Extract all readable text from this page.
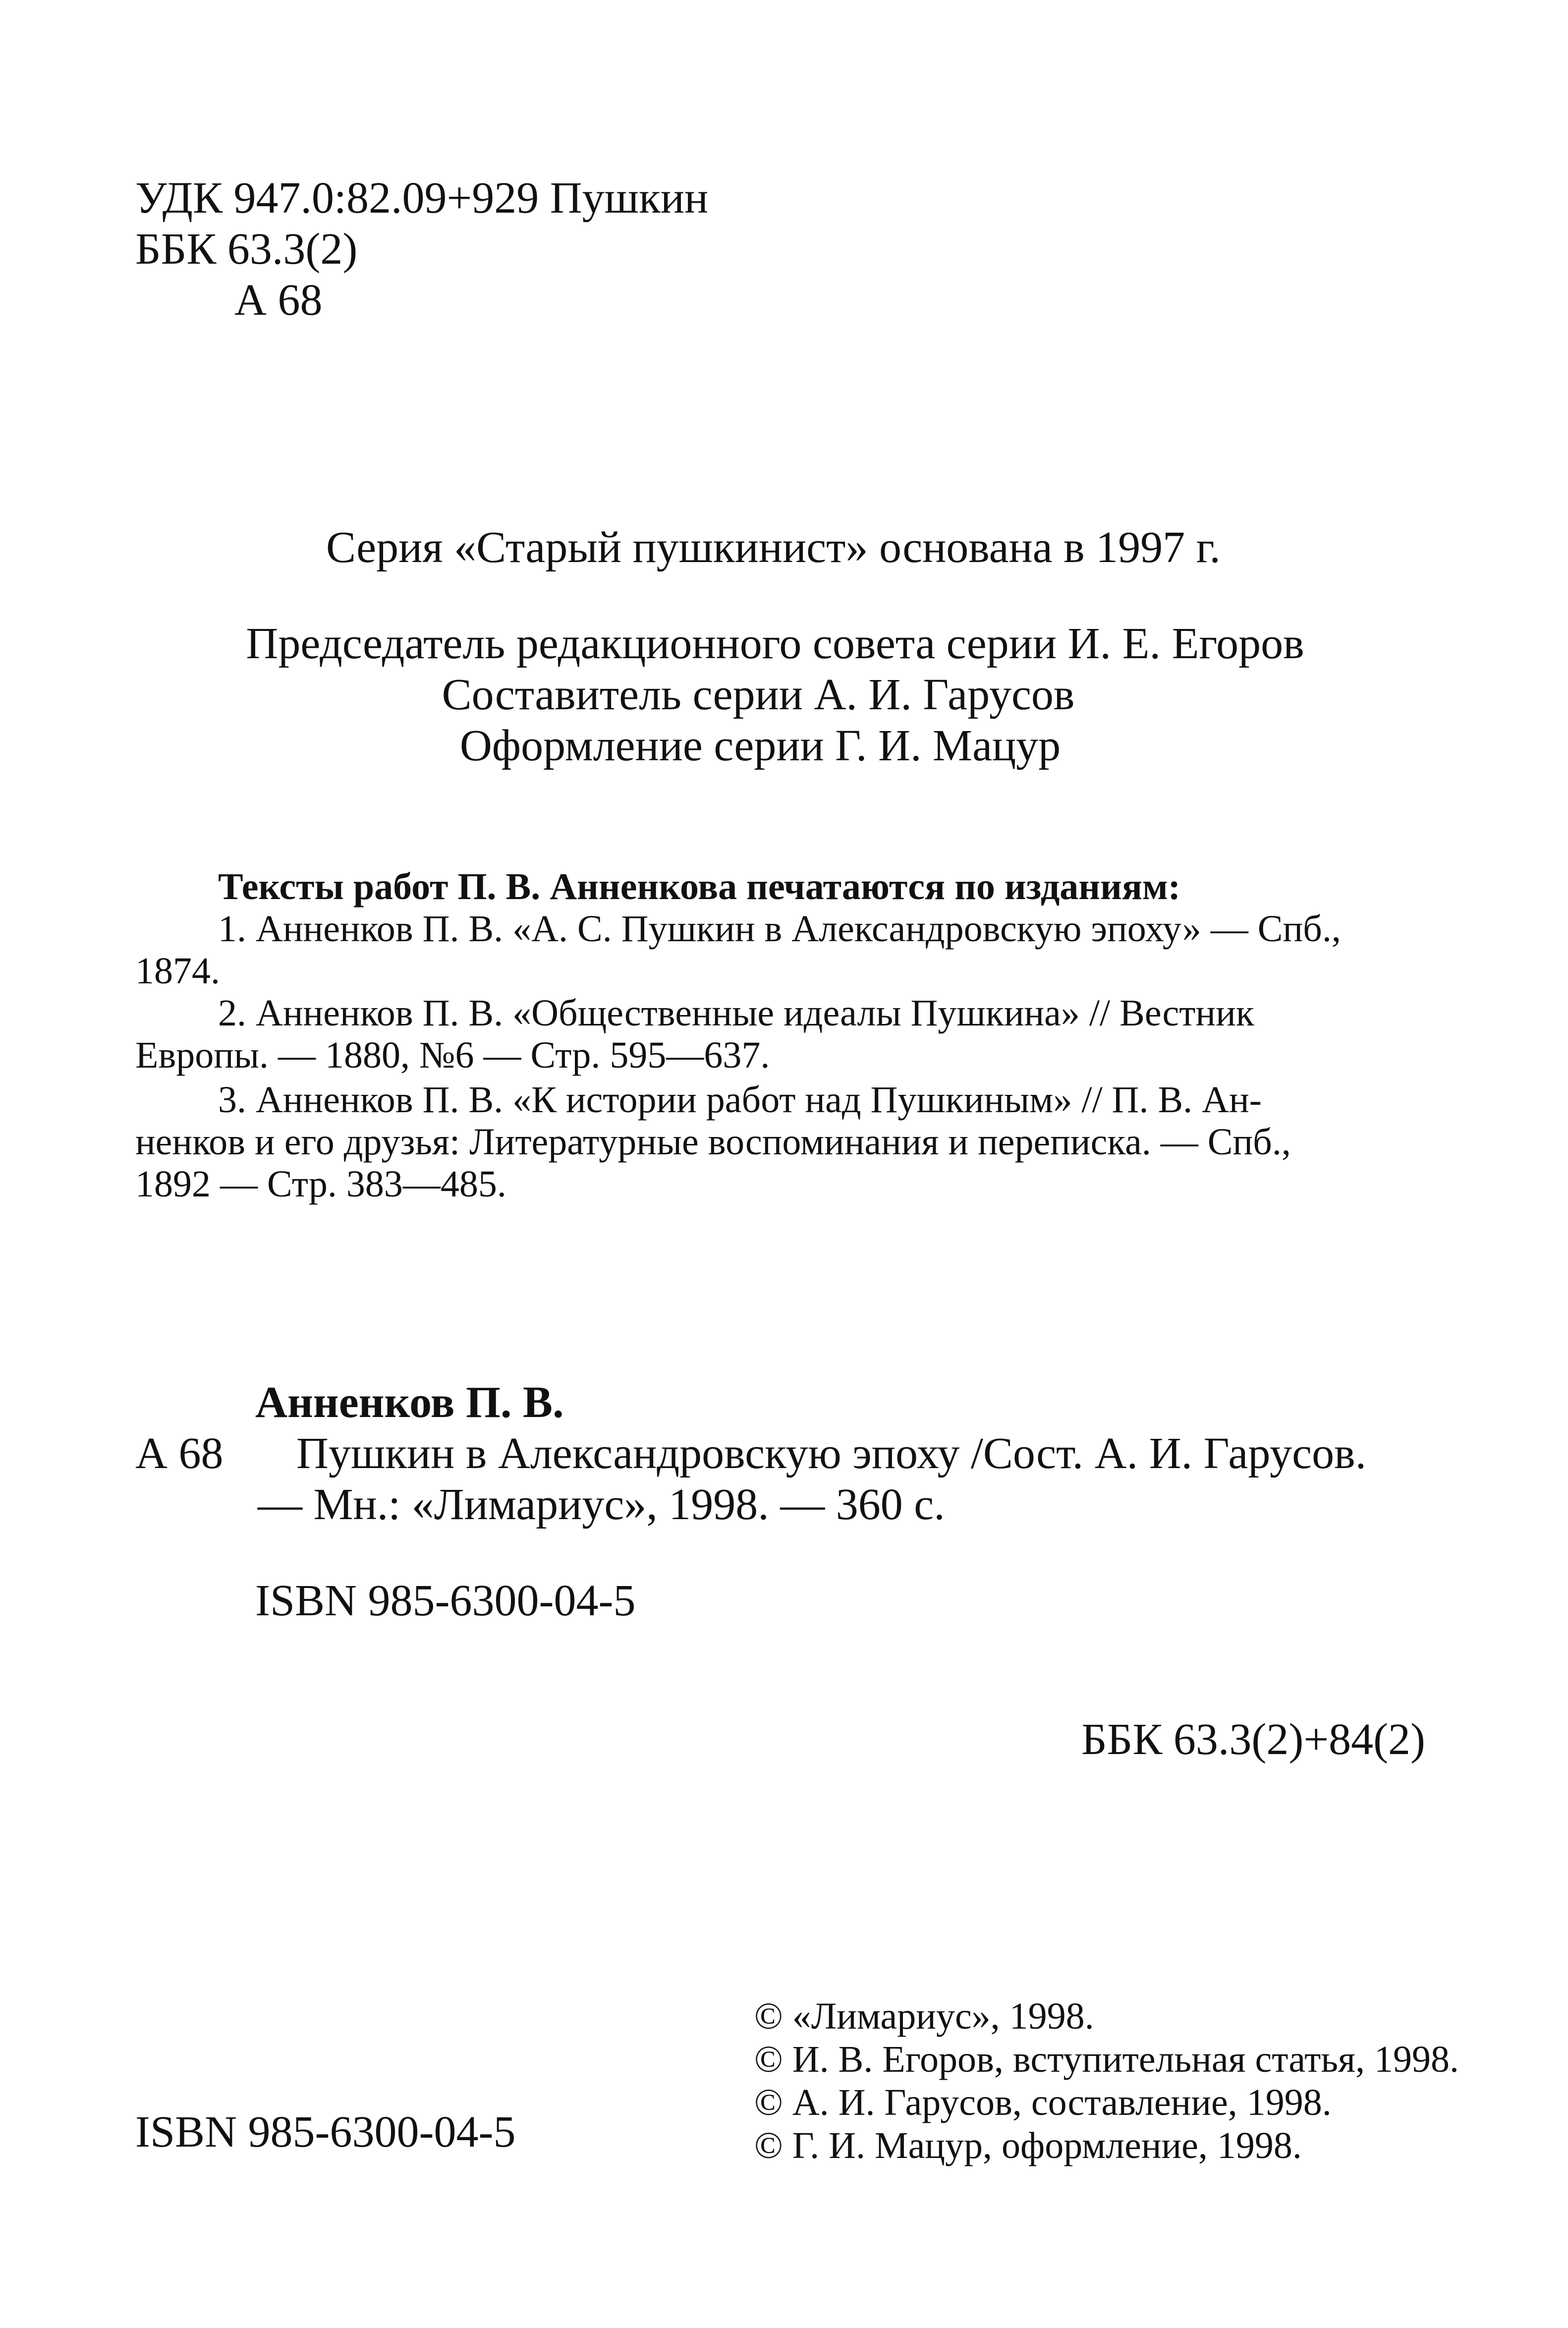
УДК 947.0:82.09+929 Пушкин
ББК 63.3(2)
А 68
Серия «Старый пушкинист» основана в 1997 г.
Председатель редакционного совета серии И. Е. Егоров
Составитель серии А. И. Гарусов
Оформление серии Г. И. Мацур
Тексты работ П. В. Анненкова печатаются по изданиям:
1. Анненков П. В. «А. С. Пушкин в Александровскую эпоху» — Спб.,
1874.
2. Анненков П. В. «Общественные идеалы Пушкина» // Вестник
Европы. — 1880, №6 — Стр. 595—637.
3. Анненков П. В. «К истории работ над Пушкиным» // П. В. Ан-
ненков и его друзья: Литературные воспоминания и переписка. — Спб.,
1892 — Стр. 383—485.
Анненков П. В.
А 68 Пушкин в Александровскую эпоху /Сост. А. И. Гарусов.
— Мн.: «Лимариус», 1998. — 360 с.
ISBN 985-6300-04-5
ББК 63.3(2)+84(2)
ISBN 985-6300-04-5
© «Лимариус», 1998.
© И. В. Егоров, вступительная статья, 1998.
© А. И. Гарусов, составление, 1998.
© Г. И. Мацур, оформление, 1998.
